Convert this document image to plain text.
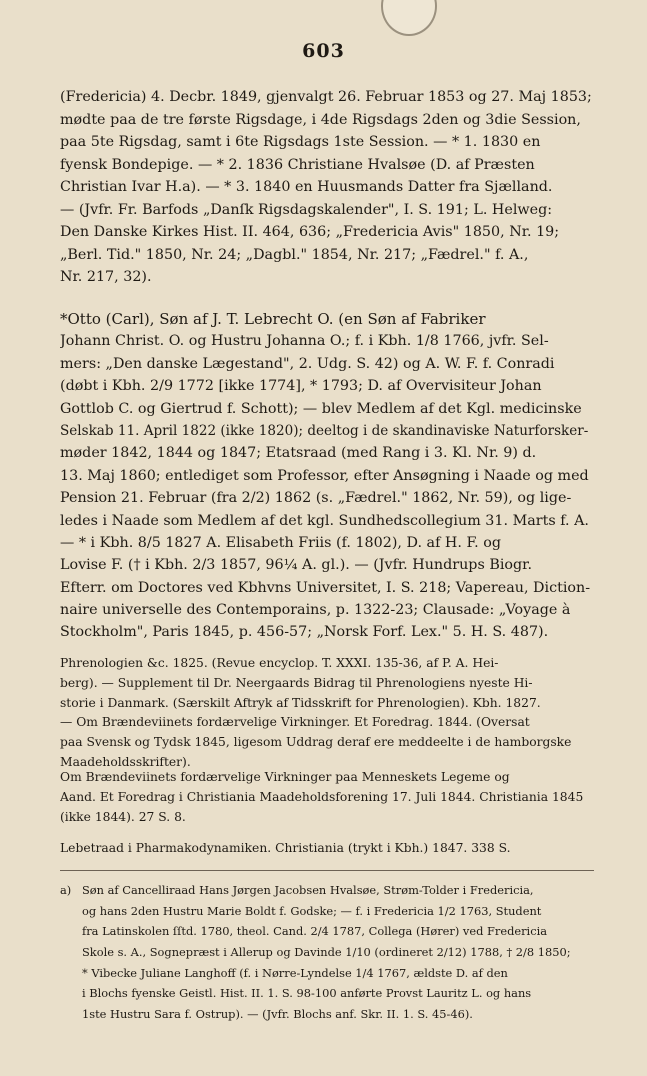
603
(Fredericia) 4. Decbr. 1849, gjenvalgt 26. Februar 1853 og 27. Maj 1853;
mødte paa de tre første Rigsdage, i 4de Rigsdags 2den og 3die Session,
paa 5te Rigsdag, samt i 6te Rigsdags 1ste Session. — * 1. 1830 en
fyensk Bondepige. — * 2. 1836 Christiane Hvalsøe (D. af Præsten
Christian Ivar H.a). — * 3. 1840 en Huusmands Datter fra Sjælland.
— (Jvfr. Fr. Barfods „Danſk Rigsdagskalender", I. S. 191; L. Helweg:
Den Danske Kirkes Hist. II. 464, 636; „Fredericia Avis" 1850, Nr. 19;
„Berl. Tid." 1850, Nr. 24; „Dagbl." 1854, Nr. 217; „Fædrel." f. A.,
Nr. 217, 32).
*Otto (Carl), Søn af J. T. Lebrecht O. (en Søn af Fabriker
Johann Christ. O. og Hustru Johanna O.; f. i Kbh. 1/8 1766, jvfr. Sel-
mers: „Den danske Lægestand", 2. Udg. S. 42) og A. W. F. f. Conradi
(døbt i Kbh. 2/9 1772 [ikke 1774], * 1793; D. af Overvisiteur Johan
Gottlob C. og Giertrud f. Schott); — blev Medlem af det Kgl. medicinske
Selskab 11. April 1822 (ikke 1820); deeltog i de skandinaviske Naturforsker-
møder 1842, 1844 og 1847; Etatsraad (med Rang i 3. Kl. Nr. 9) d.
13. Maj 1860; entlediget som Professor, efter Ansøgning i Naade og med
Pension 21. Februar (fra 2/2) 1862 (s. „Fædrel." 1862, Nr. 59), og lige-
ledes i Naade som Medlem af det kgl. Sundhedscollegium 31. Marts f. A.
— * i Kbh. 8/5 1827 A. Elisabeth Friis (f. 1802), D. af H. F. og
Lovise F. († i Kbh. 2/3 1857, 96¼ A. gl.). — (Jvfr. Hundrups Biogr.
Efterr. om Doctores ved Kbhvns Universitet, I. S. 218; Vapereau, Diction-
naire universelle des Contemporains, p. 1322-23; Clausade: „Voyage à
Stockholm", Paris 1845, p. 456-57; „Norsk Forf. Lex." 5. H. S. 487).
Phrenologien &c. 1825. (Revue encyclop. T. XXXI. 135-36, af P. A. Hei-
berg). — Supplement til Dr. Neergaards Bidrag til Phrenologiens nyeste Hi-
storie i Danmark. (Særskilt Aftryk af Tidsskrift for Phrenologien). Kbh. 1827.
— Om Brændeviinets fordærvelige Virkninger. Et Foredrag. 1844. (Oversat
paa Svensk og Tydsk 1845, ligesom Uddrag deraf ere meddeelte i de hamborgske
Maadeholdsskrifter).
Om Brændeviinets fordærvelige Virkninger paa Menneskets Legeme og
Aand. Et Foredrag i Christiania Maadeholdsforening 17. Juli 1844. Christiania 1845
(ikke 1844). 27 S. 8.
Lebetraad i Pharmakodynamiken. Christiania (trykt i Kbh.) 1847. 338 S.
a) Søn af Cancelliraad Hans Jørgen Jacobsen Hvalsøe, Strøm-Tolder i Fredericia,
og hans 2den Hustru Marie Boldt f. Godske; — f. i Fredericia 1/2 1763, Student
fra Latinskolen ſſtd. 1780, theol. Cand. 2/4 1787, Collega (Hører) ved Fredericia
Skole s. A., Sognepræst i Allerup og Davinde 1/10 (ordineret 2/12) 1788, † 2/8 1850;
* Vibecke Juliane Langhoff (f. i Nørre-Lyndelse 1/4 1767, ældste D. af den
i Blochs fyenske Geistl. Hist. II. 1. S. 98-100 anførte Provst Lauritz L. og hans
1ste Hustru Sara f. Ostrup). — (Jvfr. Blochs anf. Skr. II. 1. S. 45-46).
